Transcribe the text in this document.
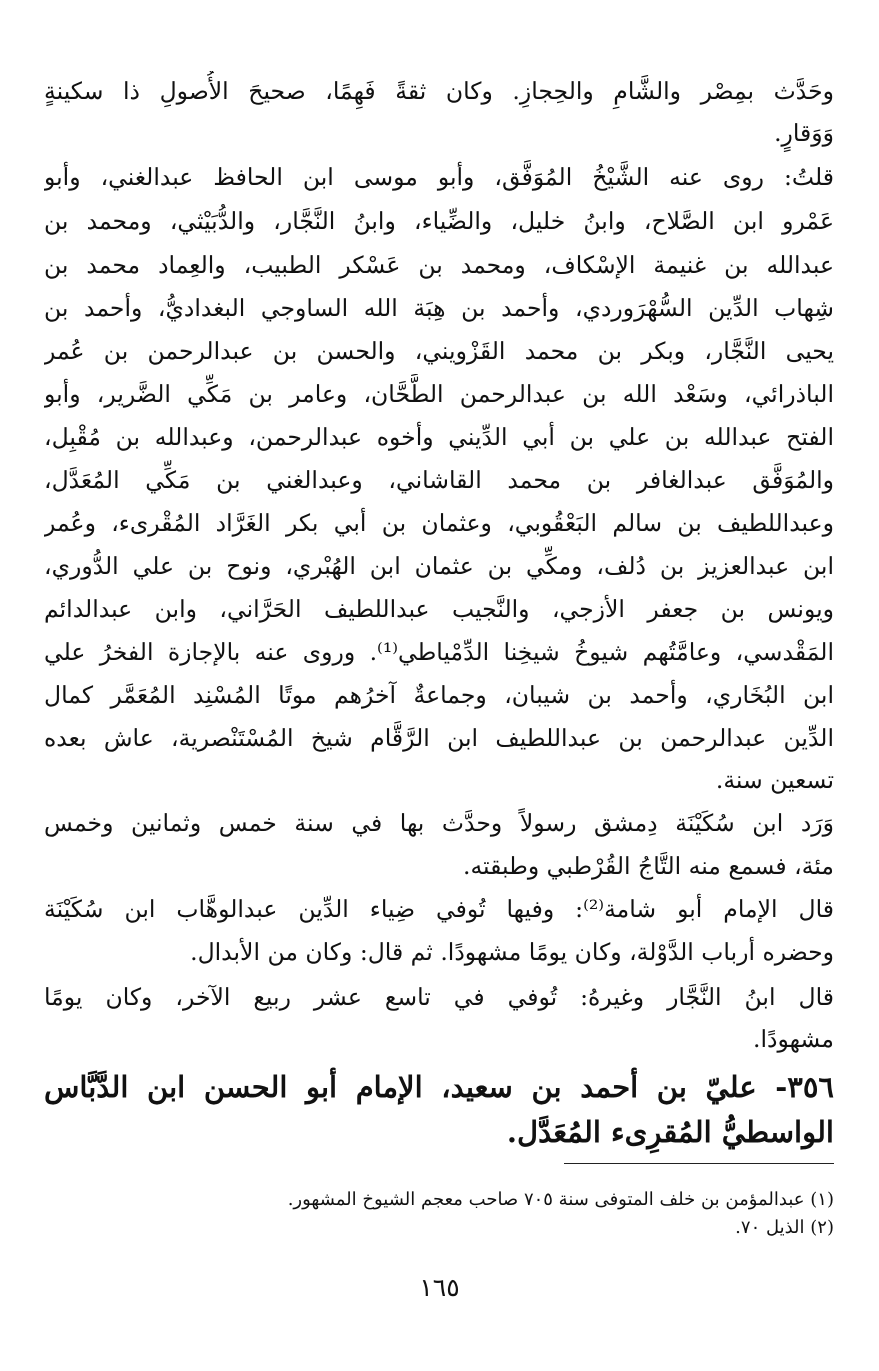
وحَدَّث بمِصْر والشَّامِ والحِجازِ. وكان ثقةً فَهِمًا، صحيحَ الأُصولِ ذا سكينةٍ
وَوَقارٍ.
قلتُ: روى عنه الشَّيْخُ المُوَفَّق، وأبو موسى ابن الحافظ عبدالغني، وأبو
عَمْرو ابن الصَّلاح، وابنُ خليل، والضِّياء، وابنُ النَّجَّار، والدُّبَيْثي، ومحمد بن
عبدالله بن غنيمة الإسْكاف، ومحمد بن عَسْكر الطبيب، والعِماد محمد بن
شِهاب الدِّين السُّهْرَوردي، وأحمد بن هِبَة الله الساوجي البغداديُّ، وأحمد بن
يحيى النَّجَّار، وبكر بن محمد القَزْويني، والحسن بن عبدالرحمن بن عُمر
الباذرائي، وسَعْد الله بن عبدالرحمن الطَّحَّان، وعامر بن مَكِّي الضَّرير، وأبو
الفتح عبدالله بن علي بن أبي الدِّيني وأخوه عبدالرحمن، وعبدالله بن مُقْبِل،
والمُوَفَّق عبدالغافر بن محمد القاشاني، وعبدالغني بن مَكِّي المُعَدَّل،
وعبداللطيف بن سالم البَعْقُوبي، وعثمان بن أبي بكر الغَرَّاد المُقْرىء، وعُمر
ابن عبدالعزيز بن دُلف، ومكِّي بن عثمان ابن الهُبْري، ونوح بن علي الدُّوري،
ويونس بن جعفر الأزجي، والنَّجيب عبداللطيف الحَرَّاني، وابن عبدالدائم
المَقْدسي، وعامَّتُهم شيوخُ شيخِنا الدِّمْياطي⁽¹⁾. وروى عنه بالإجازة الفخرُ علي
ابن البُخَاري، وأحمد بن شيبان، وجماعةٌ آخرُهم موتًا المُسْنِد المُعَمَّر كمال
الدِّين عبدالرحمن بن عبداللطيف ابن الرَّقَّام شيخ المُسْتَنْصرية، عاش بعده
تسعين سنة.
وَرَد ابن سُكَيْنَة دِمشق رسولاً وحدَّث بها في سنة خمس وثمانين وخمس
مئة، فسمع منه التَّاجُ القُرْطبي وطبقته.
قال الإمام أبو شامة⁽²⁾: وفيها تُوفي ضِياء الدِّين عبدالوهَّاب ابن سُكَيْنَة
وحضره أرباب الدَّوْلة، وكان يومًا مشهودًا. ثم قال: وكان من الأبدال.
قال ابنُ النَّجَّار وغيرهُ: تُوفي في تاسع عشر ربيع الآخر، وكان يومًا
مشهودًا.
٣٥٦- عليّ بن أحمد بن سعيد، الإمام أبو الحسن ابن الدَّبَّاس
الواسطيُّ المُقرِىء المُعَدَّل.
(١) عبدالمؤمن بن خلف المتوفى سنة ٧٠٥ صاحب معجم الشيوخ المشهور.
(٢) الذيل ٧٠.
١٦٥
